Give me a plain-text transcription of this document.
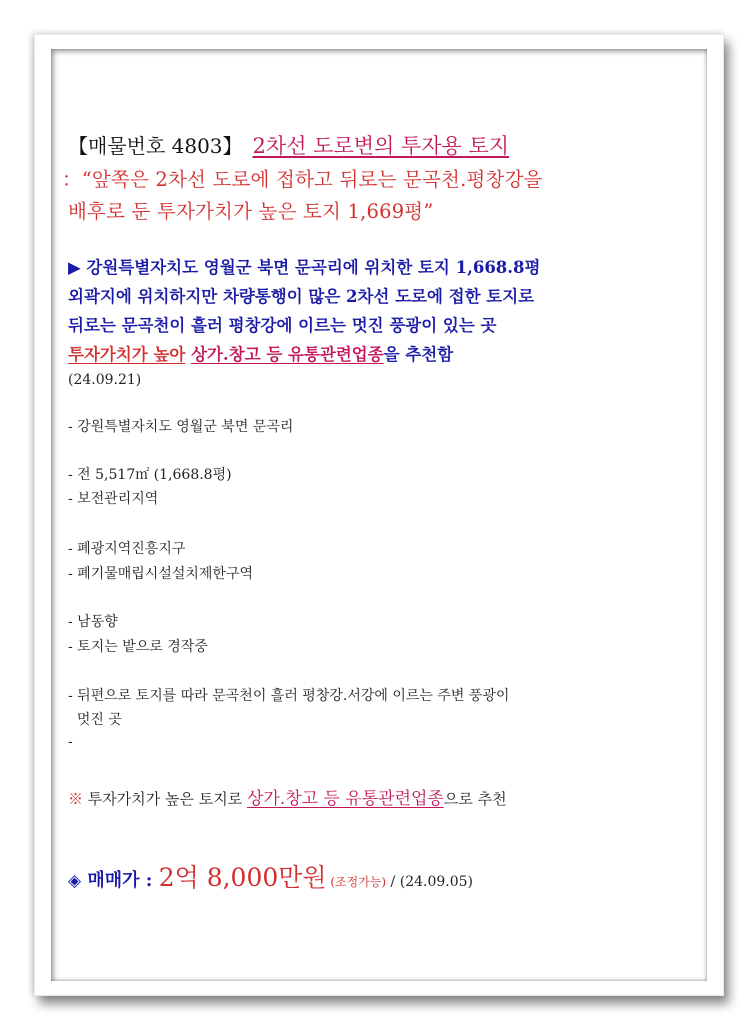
【매물번호 4803】 2차선 도로변의 투자용 토지
：“앞쪽은 2차선 도로에 접하고 뒤로는 문곡천.평창강을
배후로 둔 투자가치가 높은 토지 1,669평”
▶ 강원특별자치도 영월군 북면 문곡리에 위치한 토지 1,668.8평
외곽지에 위치하지만 차량통행이 많은 2차선 도로에 접한 토지로
뒤로는 문곡천이 흘러 평창강에 이르는 멋진 풍광이 있는 곳
투자가치가 높아 상가.창고 등 유통관련업종을 추천함
(24.09.21)
- 강원특별자치도 영월군 북면 문곡리
- 전 5,517㎡ (1,668.8평)
- 보전관리지역
- 폐광지역진흥지구
- 폐기물매립시설설치제한구역
- 남동향
- 토지는 밭으로 경작중
- 뒤편으로 토지를 따라 문곡천이 흘러 평창강.서강에 이르는 주변 풍광이
멋진 곳
-
※ 투자가치가 높은 토지로 상가.창고 등 유통관련업종으로 추천
◈ 매매가 : 2억 8,000만원 (조정가능) / (24.09.05)
